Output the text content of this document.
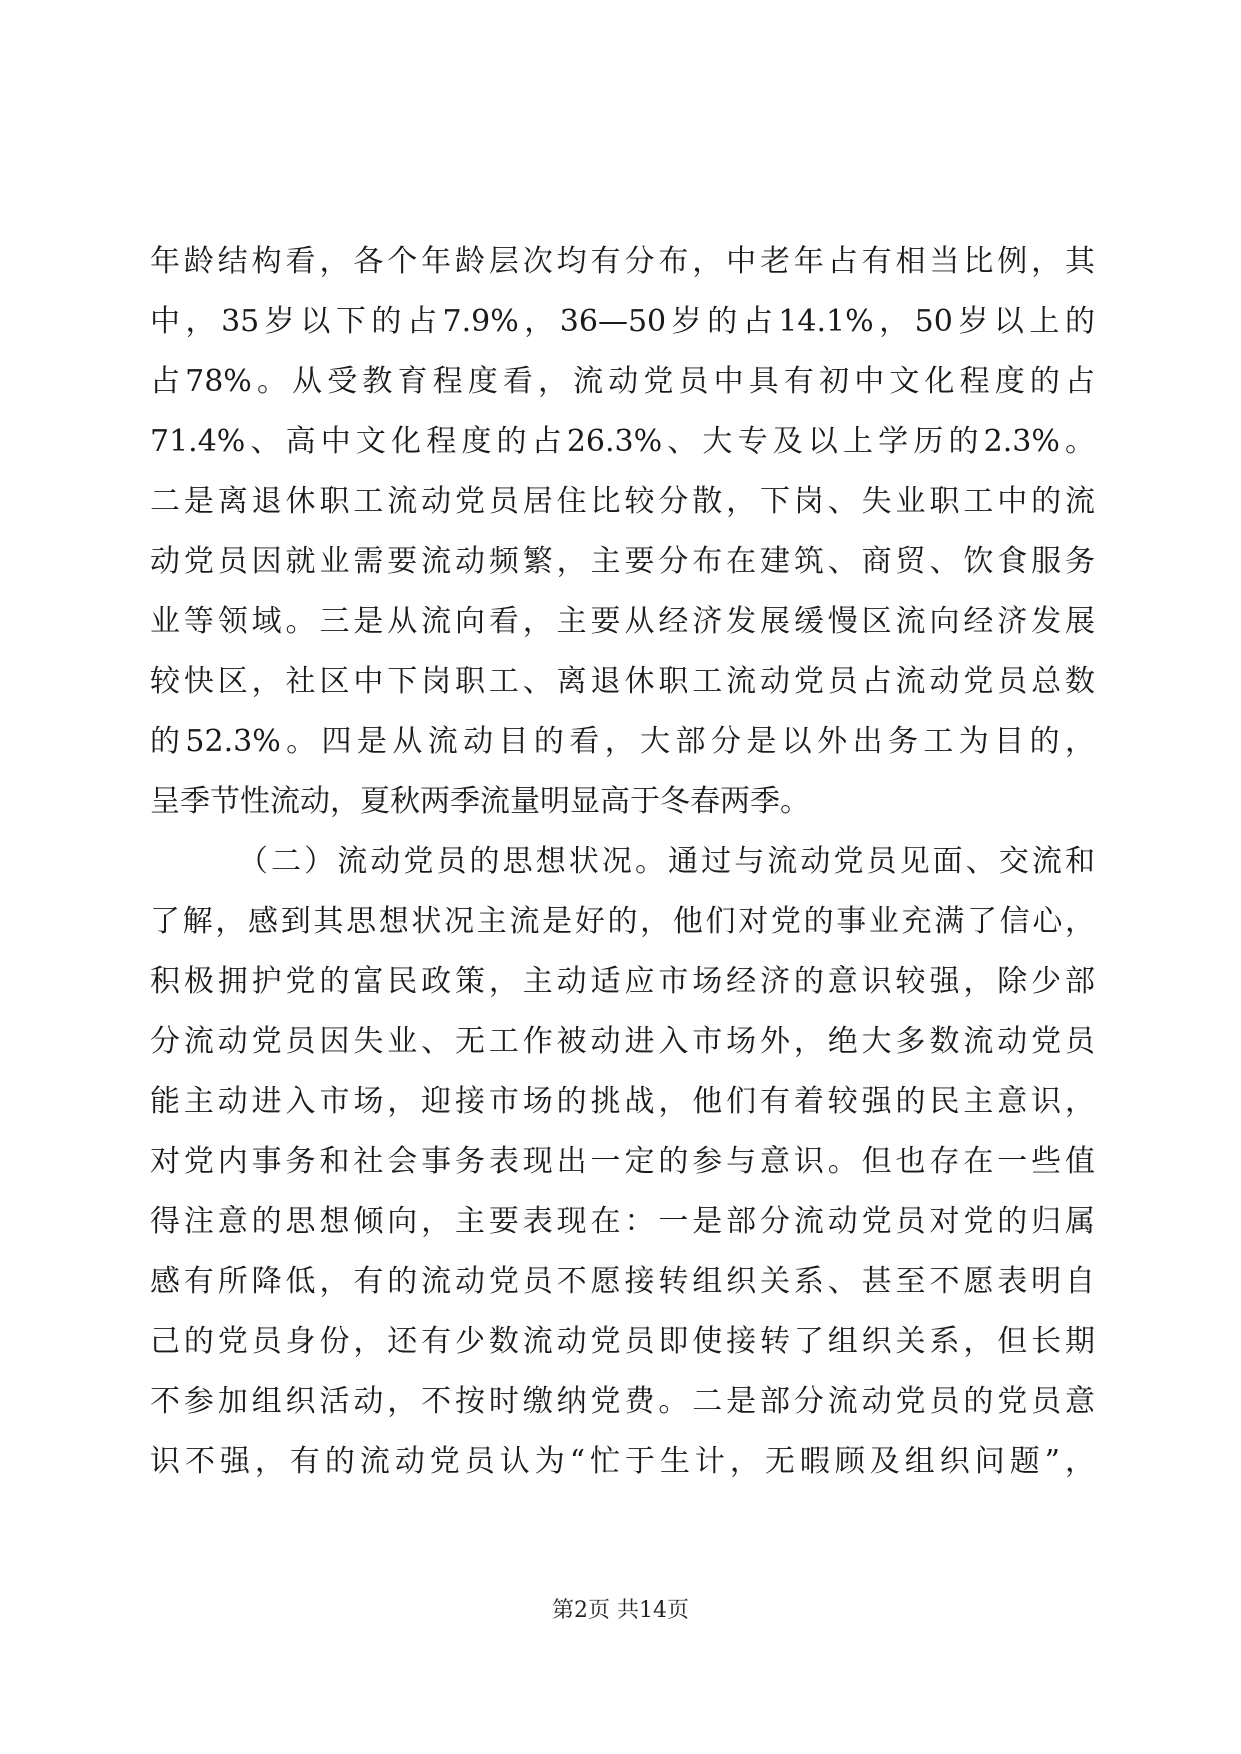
年龄结构看，各个年龄层次均有分布，中老年占有相当比例，其
中，35岁以下的占7.9%，36—50岁的占14.1%，50岁以上的
占78%。从受教育程度看，流动党员中具有初中文化程度的占
71.4%、高中文化程度的占26.3%、大专及以上学历的2.3%。
二是离退休职工流动党员居住比较分散，下岗、失业职工中的流
动党员因就业需要流动频繁，主要分布在建筑、商贸、饮食服务
业等领域。三是从流向看，主要从经济发展缓慢区流向经济发展
较快区，社区中下岗职工、离退休职工流动党员占流动党员总数
的52.3%。四是从流动目的看，大部分是以外出务工为目的，
呈季节性流动，夏秋两季流量明显高于冬春两季。
（二）流动党员的思想状况。通过与流动党员见面、交流和
了解，感到其思想状况主流是好的，他们对党的事业充满了信心，
积极拥护党的富民政策，主动适应市场经济的意识较强，除少部
分流动党员因失业、无工作被动进入市场外，绝大多数流动党员
能主动进入市场，迎接市场的挑战，他们有着较强的民主意识，
对党内事务和社会事务表现出一定的参与意识。但也存在一些值
得注意的思想倾向，主要表现在：一是部分流动党员对党的归属
感有所降低，有的流动党员不愿接转组织关系、甚至不愿表明自
己的党员身份，还有少数流动党员即使接转了组织关系，但长期
不参加组织活动，不按时缴纳党费。二是部分流动党员的党员意
识不强，有的流动党员认为“忙于生计，无暇顾及组织问题”，
第2页 共14页
